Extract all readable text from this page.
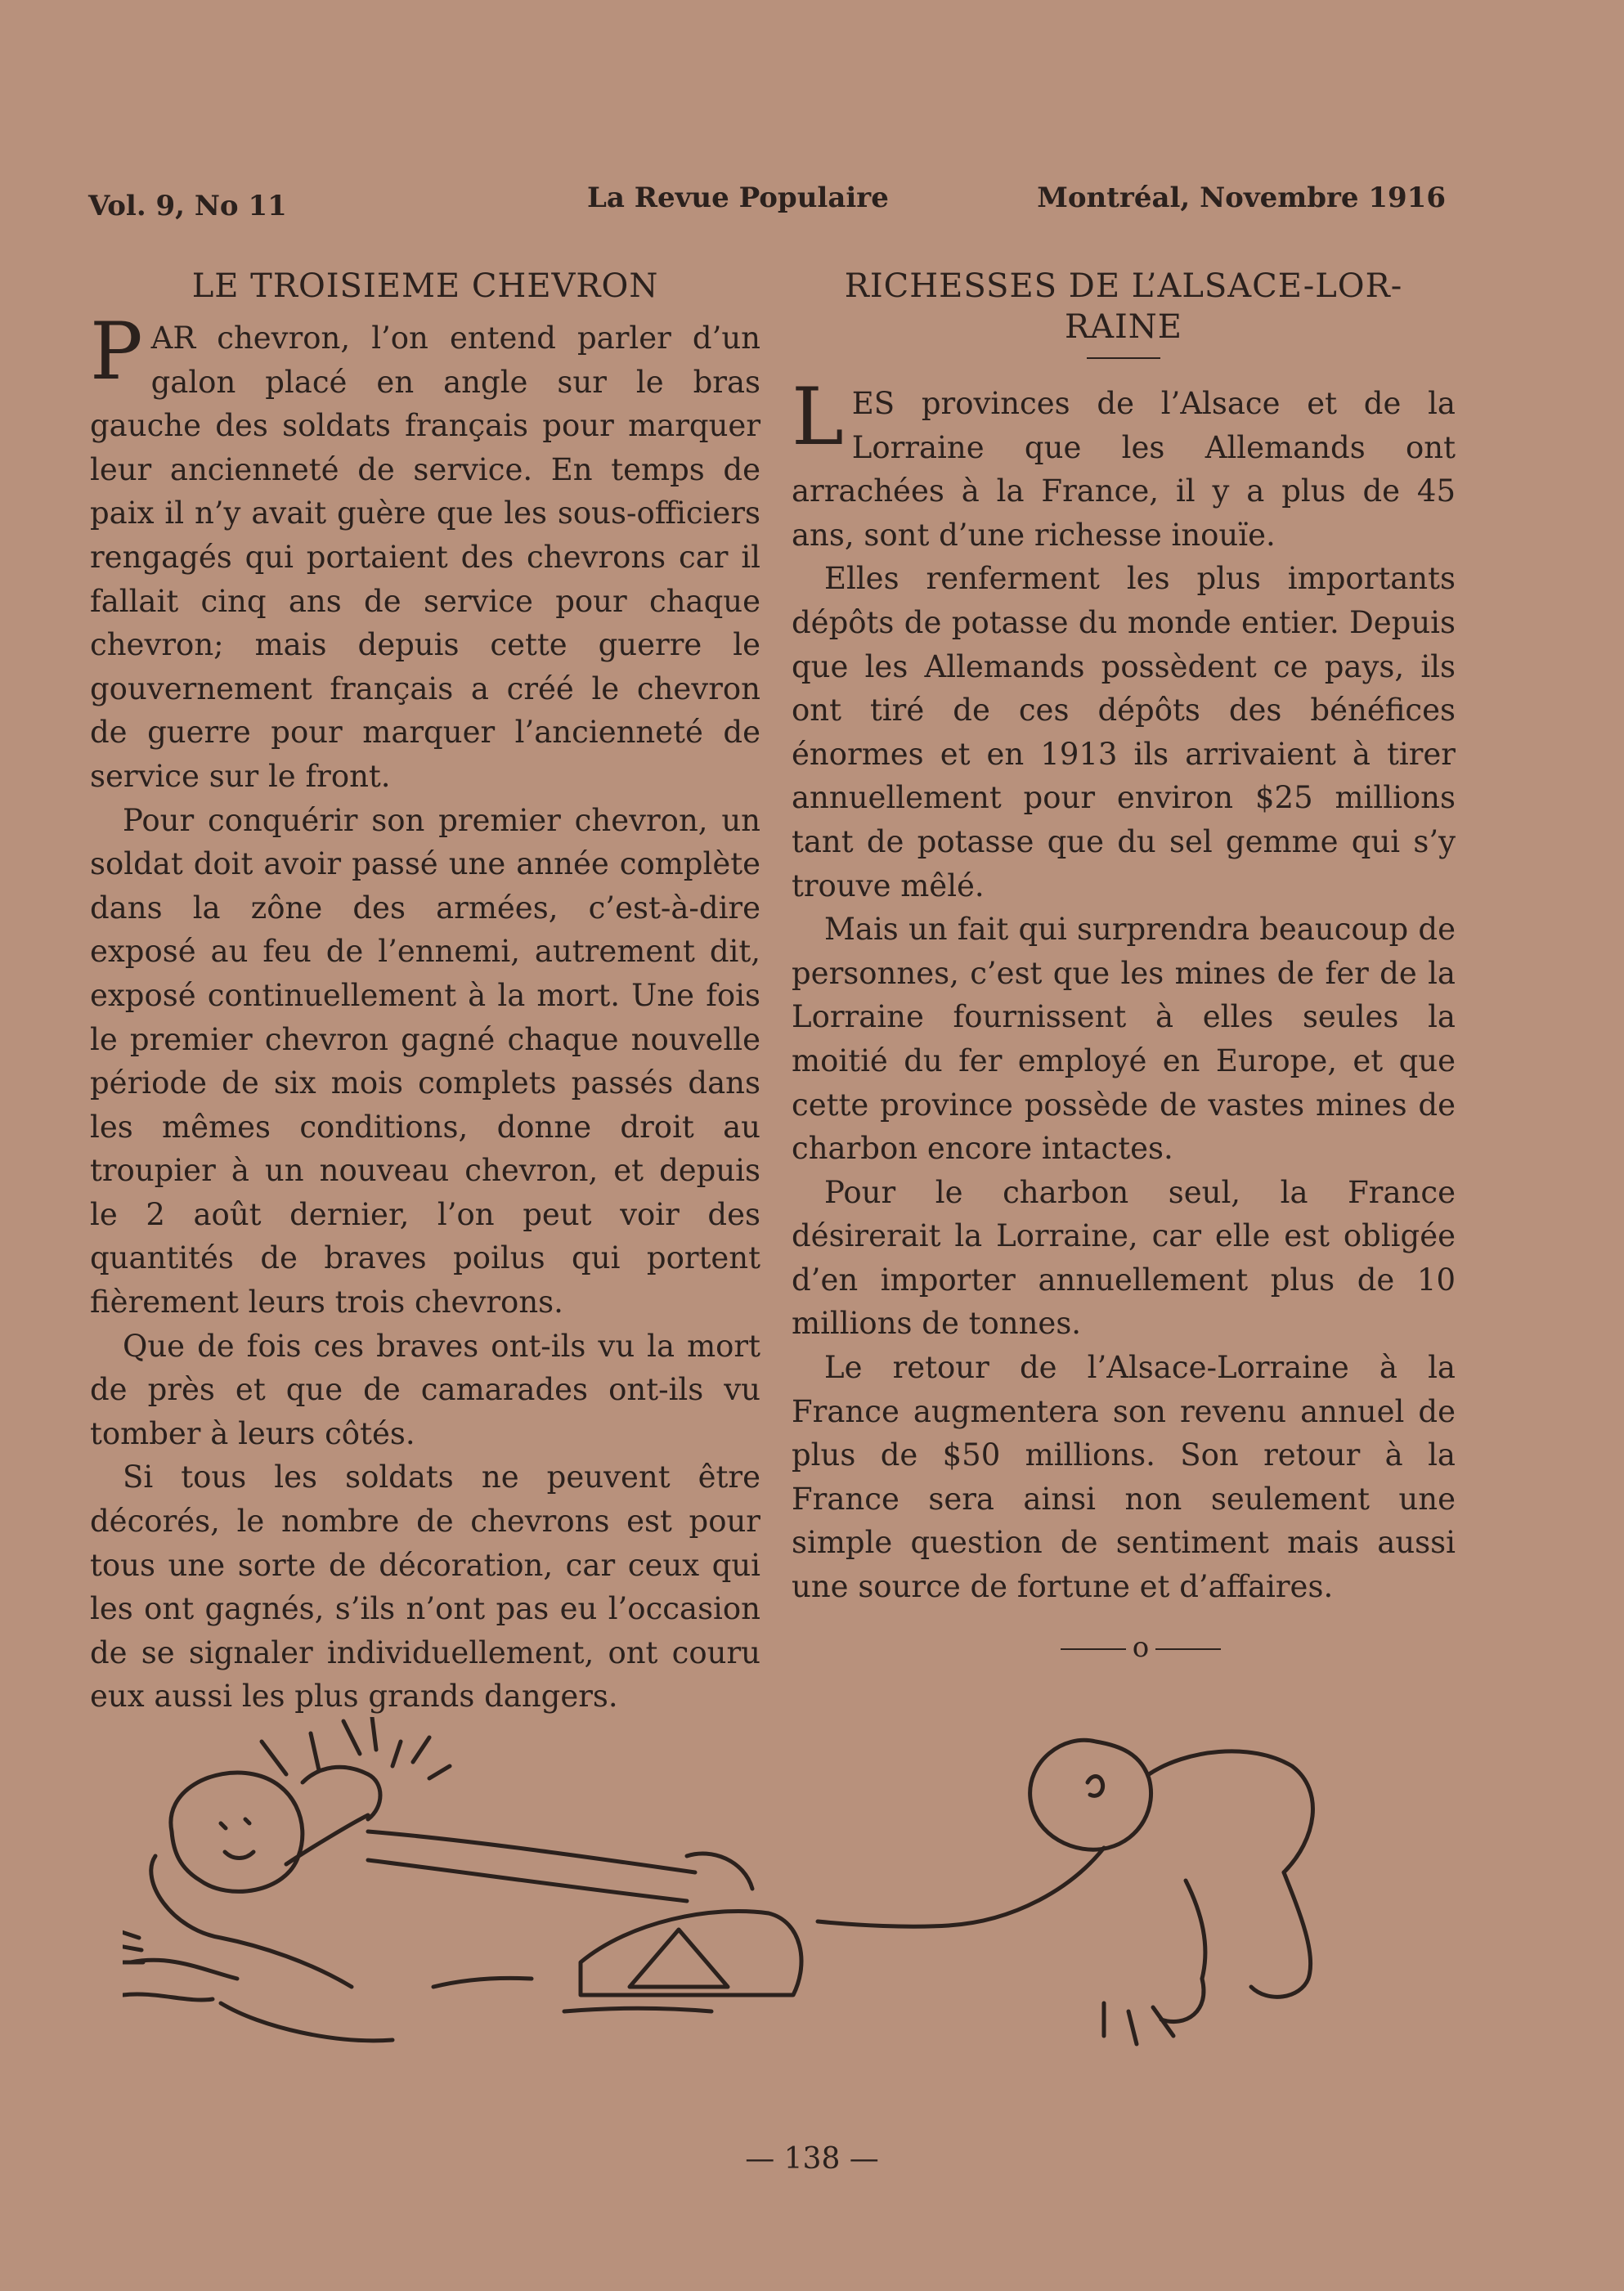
Vol. 9, No 11	La Revue Populaire	Montréal, Novembre 1916
LE TROISIEME CHEVRON

PAR chevron, l’on entend parler d’un galon placé en angle sur le bras gauche des soldats français pour marquer leur ancienneté de service. En temps de paix il n’y avait guère que les sous-officiers rengagés qui portaient des chevrons car il fallait cinq ans de service pour chaque chevron; mais depuis cette guerre le gouvernement français a créé le chevron de guerre pour marquer l’ancienneté de service sur le front.

Pour conquérir son premier chevron, un soldat doit avoir passé une année complète dans la zône des armées, c’est-à-dire exposé au feu de l’ennemi, autrement dit, exposé continuellement à la mort. Une fois le premier chevron gagné chaque nouvelle période de six mois complets passés dans les mêmes conditions, donne droit au troupier à un nouveau chevron, et depuis le 2 août dernier, l’on peut voir des quantités de braves poilus qui portent fièrement leurs trois chevrons.

Que de fois ces braves ont-ils vu la mort de près et que de camarades ont-ils vu tomber à leurs côtés.

Si tous les soldats ne peuvent être décorés, le nombre de chevrons est pour tous une sorte de décoration, car ceux qui les ont gagnés, s’ils n’ont pas eu l’occasion de se signaler individuellement, ont couru eux aussi les plus grands dangers.

RICHESSES DE L’ALSACE-LOR-RAINE

LES provinces de l’Alsace et de la Lorraine que les Allemands ont arrachées à la France, il y a plus de 45 ans, sont d’une richesse inouïe.

Elles renferment les plus importants dépôts de potasse du monde entier. Depuis que les Allemands possèdent ce pays, ils ont tiré de ces dépôts des bénéfices énormes et en 1913 ils arrivaient à tirer annuellement pour environ $25 millions tant de potasse que du sel gemme qui s’y trouve mêlé.

Mais un fait qui surprendra beaucoup de personnes, c’est que les mines de fer de la Lorraine fournissent à elles seules la moitié du fer employé en Europe, et que cette province possède de vastes mines de charbon encore intactes.

Pour le charbon seul, la France désirerait la Lorraine, car elle est obligée d’en importer annuellement plus de 10 millions de tonnes.

Le retour de l’Alsace-Lorraine à la France augmentera son revenu annuel de plus de $50 millions. Son retour à la France sera ainsi non seulement une simple question de sentiment mais aussi une source de fortune et d’affaires.

o
— 138 —
